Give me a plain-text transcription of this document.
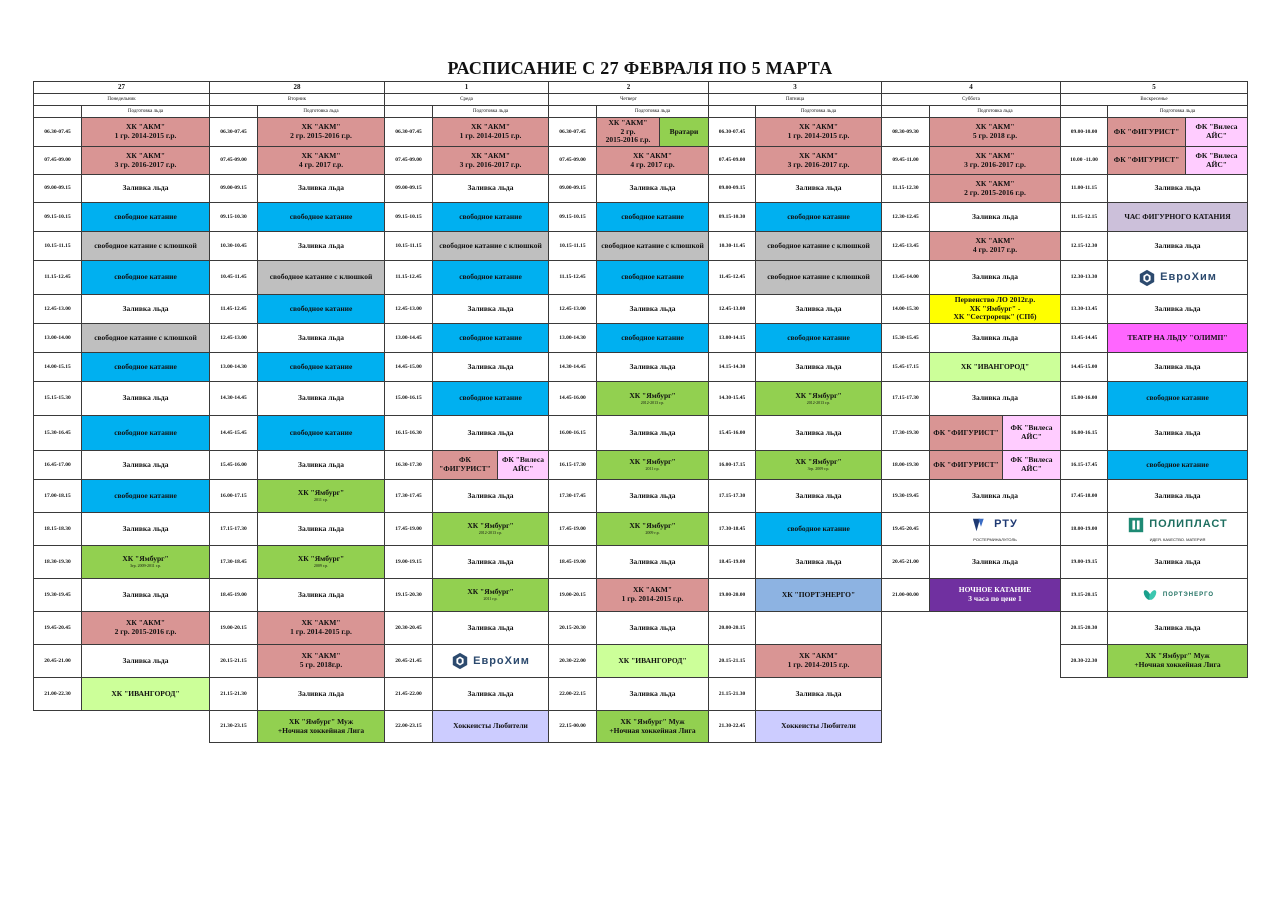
РАСПИСАНИЕ С 27 ФЕВРАЛЯ ПО 5 МАРТА
27
Понедельник
Подготовка льда
06.30-07.45
ХК "АКМ"
1 гр. 2014-2015 г.р.
07.45-09.00
ХК "АКМ"
3 гр. 2016-2017 г.р.
09.00-09.15	Заливка льда
09.15-10.15	свободное катание
10.15-11.15	свободное катание с клюшкой
11.15-12.45	свободное катание
12.45-13.00	Заливка льда
13.00-14.00	свободное катание с клюшкой
14.00-15.15	свободное катание
15.15-15.30	Заливка льда
15.30-16.45	свободное катание
16.45-17.00	Заливка льда
17.00-18.15	свободное катание
18.15-18.30	Заливка льда
18.30-19.30	ХК "Ямбург"
3гр. 2009-2011 г.р.
19.30-19.45	Заливка льда
19.45-20.45
ХК "АКМ"
2 гр. 2015-2016 г.р.
20.45-21.00	Заливка льда
21.00-22.30	ХК "ИВАНГОРОД"
28
Вторник
Подготовка льда
06.30-07.45
ХК "АКМ"
2 гр. 2015-2016 г.р.
07.45-09.00
ХК "АКМ"
4 гр. 2017 г.р.
09.00-09.15	Заливка льда
09.15-10.30	свободное катание
10.30-10.45	Заливка льда
10.45-11.45	свободное катание с клюшкой
11.45-12.45	свободное катание
12.45-13.00	Заливка льда
13.00-14.30	свободное катание
14.30-14.45	Заливка льда
14.45-15.45	свободное катание
15.45-16.00	Заливка льда
16.00-17.15	ХК "Ямбург"
2011 г.р.
17.15-17.30	Заливка льда
17.30-18.45	ХК "Ямбург"
2009 г.р.
18.45-19.00	Заливка льда
19.00-20.15
ХК "АКМ"
1 гр. 2014-2015 г.р.
20.15-21.15
ХК "АКМ"
5 гр. 2018г.р.
21.15-21.30	Заливка льда
21.30-23.15
ХК "Ямбург" Муж
+Ночная хоккейная Лига
1
Среда
Подготовка льда
06.30-07.45
ХК "АКМ"
1 гр. 2014-2015 г.р.
07.45-09.00
ХК "АКМ"
3 гр. 2016-2017 г.р.
09.00-09.15	Заливка льда
09.15-10.15	свободное катание
10.15-11.15 свободное катание с клюшкой
11.15-12.45	свободное катание
12.45-13.00	Заливка льда
13.00-14.45	свободное катание
14.45-15.00	Заливка льда
15.00-16.15	свободное катание
16.15-16.30	Заливка льда
16.30-17.30
ФК "ФИГУРИСТ"
ФК "Вилеса АЙС"
17.30-17.45	Заливка льда
17.45-19.00	ХК "Ямбург"
2012-2013 г.р.
19.00-19.15	Заливка льда
19.15-20.30	ХК "Ямбург"
2011 г.р.
20.30-20.45	Заливка льда
20.45-21.45	ЕвроХим
21.45-22.00	Заливка льда
22.00-23.15	Хоккеисты Любители
2
Четверг
Подготовка льда
06.30-07.45
ХК "АКМ"
2 гр.
2015-2016 г.р.
Вратари
07.45-09.00
ХК "АКМ"
4 гр. 2017 г.р.
09.00-09.15	Заливка льда
09.15-10.15	свободное катание
10.15-11.15 свободное катание с клюшкой
11.15-12.45	свободное катание
12.45-13.00	Заливка льда
13.00-14.30	свободное катание
14.30-14.45	Заливка льда
14.45-16.00	ХК "Ямбург"
2012-2013 г.р.
16.00-16.15	Заливка льда
16.15-17.30	ХК "Ямбург"
2011 г.р.
17.30-17.45	Заливка льда
17.45-19.00	ХК "Ямбург"
2009 г.р.
18.45-19.00	Заливка льда
19.00-20.15
ХК "АКМ"
1 гр. 2014-2015 г.р.
20.15-20.30	Заливка льда
20.30-22.00	ХК "ИВАНГОРОД"
22.00-22.15	Заливка льда
22.15-00.00
ХК "Ямбург" Муж
+Ночная хоккейная Лига
3
Пятница
Подготовка льда
06.30-07.45
ХК "АКМ"
1 гр. 2014-2015 г.р.
07.45-09.00
ХК "АКМ"
3 гр. 2016-2017 г.р.
09.00-09.15	Заливка льда
09.15-10.30	свободное катание
10.30-11.45	свободное катание с клюшкой
11.45-12.45	свободное катание с клюшкой
12.45-13.00	Заливка льда
13.00-14.15	свободное катание
14.15-14.30	Заливка льда
14.30-15.45	ХК "Ямбург"
2012-2013 г.р.
15.45-16.00	Заливка льда
16.00-17.15	ХК "Ямбург"
3гр. 2009 г.р.
17.15-17.30	Заливка льда
17.30-18.45	свободное катание
18.45-19.00	Заливка льда
19.00-20.00	ХК "ПОРТЭНЕРГО"
20.00-20.15
20.15-21.15
ХК "АКМ"
1 гр. 2014-2015 г.р.
21.15-21.30	Заливка льда
21.30-22.45	Хоккеисты Любители
4
Суббота
Подготовка льда
08.30-09.30
ХК "АКМ"
5 гр. 2018 г.р.
09.45-11.00
ХК "АКМ"
3 гр. 2016-2017 г.р.
11.15-12.30
ХК "АКМ"
2 гр. 2015-2016 г.р.
12.30-12.45	Заливка льда
12.45-13.45
ХК "АКМ"
4 гр. 2017 г.р.
13.45-14.00	Заливка льда
14.00-15.30
Первенство ЛО 2012г.р.
ХК "Ямбург" -
ХК "Сестрорецк" (СПб)
15.30-15.45	Заливка льда
15.45-17.15	ХК "ИВАНГОРОД"
17.15-17.30	Заливка льда
17.30-19.30 ФК "ФИГУРИСТ"	ФК "Вилеса АЙС"
18.00-19.30 ФК "ФИГУРИСТ"	ФК "Вилеса АЙС"
19.30-19.45	Заливка льда
19.45-20.45	РТУ
РОСТЕРМИНАЛУГОЛЬ
20.45-21.00	Заливка льда
21.00-00.00
НОЧНОЕ КАТАНИЕ
3 часа по цене 1
5
Воскресенье
Подготовка льда
09.00-10.00 ФК "ФИГУРИСТ"	ФК "Вилеса АЙС"
10.00 -11.00 ФК "ФИГУРИСТ"	ФК "Вилеса АЙС"
11.00-11.15	Заливка льда
11.15-12.15	ЧАС ФИГУРНОГО КАТАНИЯ
12.15-12.30	Заливка льда
12.30-13.30	ЕвроХим
13.30-13.45	Заливка льда
13.45-14.45	ТЕАТР НА ЛЬДУ "ОЛИМП"
14.45-15.00	Заливка льда
15.00-16.00	свободное катание
16.00-16.15	Заливка льда
16.15-17.45	свободное катание
17.45-18.00	Заливка льда
18.00-19.00	ПОЛИПЛАСТ
ИДЕЯ. КАЧЕСТВО. МАТЕРИЯ
19.00-19.15	Заливка льда
19.15-20.15	ПОРТЭНЕРГО
20.15-20.30	Заливка льда
20.30-22.30
ХК "Ямбург" Муж
+Ночная хоккейная Лига
